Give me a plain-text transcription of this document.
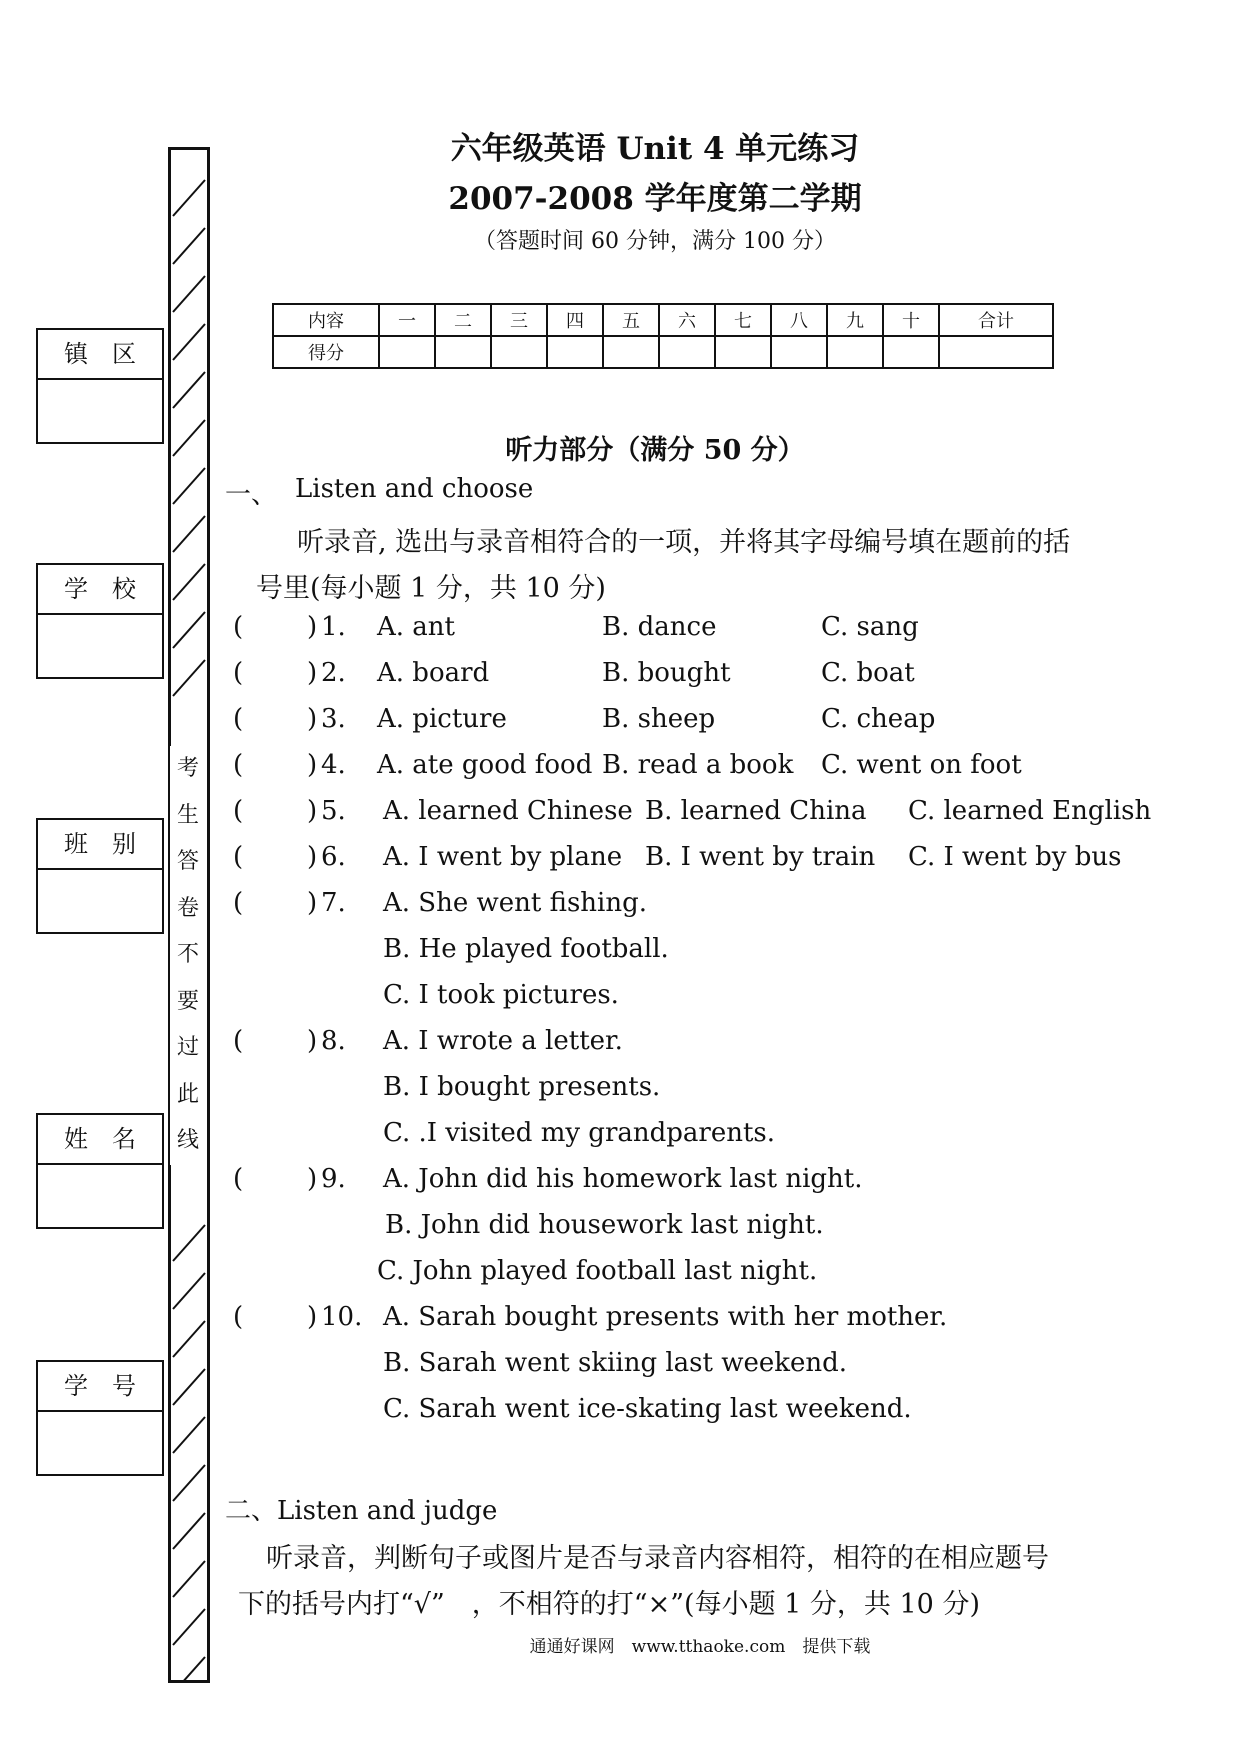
六年级英语 Unit 4 单元练习
2007-2008 学年度第二学期
（答题时间 60 分钟，满分 100 分）
内容	一	二	三	四	五	六	七	八	九	十	合计
得分											
镇　区
学　校
班　别
姓　名
学　号
考
生
答
卷
不
要
过
此
线
听力部分（满分 50 分）
一、 Listen and choose
听录音, 选出与录音相符合的一项，并将其字母编号填在题前的括
号里(每小题 1 分，共 10 分)
( ) 1. A. ant	B. dance	C. sang
( ) 2. A. board	B. bought	C. boat
( ) 3. A. picture	B. sheep	C. cheap
( ) 4. A. ate good food B. read a book C. went on foot
( ) 5. A. learned Chinese B. learned China C. learned English
( ) 6. A. I went by plane B. I went by train C. I went by bus
( ) 7. A. She went fishing.
B. He played football.
C. I took pictures.
( ) 8. A. I wrote a letter.
B. I bought presents.
C. .I visited my grandparents.
( ) 9. A. John did his homework last night.
B. John did housework last night.
C. John played football last night.
( ) 10. A. Sarah bought presents with her mother.
B. Sarah went skiing last weekend.
C. Sarah went ice-skating last weekend.
二、Listen and judge
听录音，判断句子或图片是否与录音内容相符，相符的在相应题号
下的括号内打“√”　，不相符的打“×”(每小题 1 分，共 10 分)
通通好课网　www.tthaoke.com　提供下载
